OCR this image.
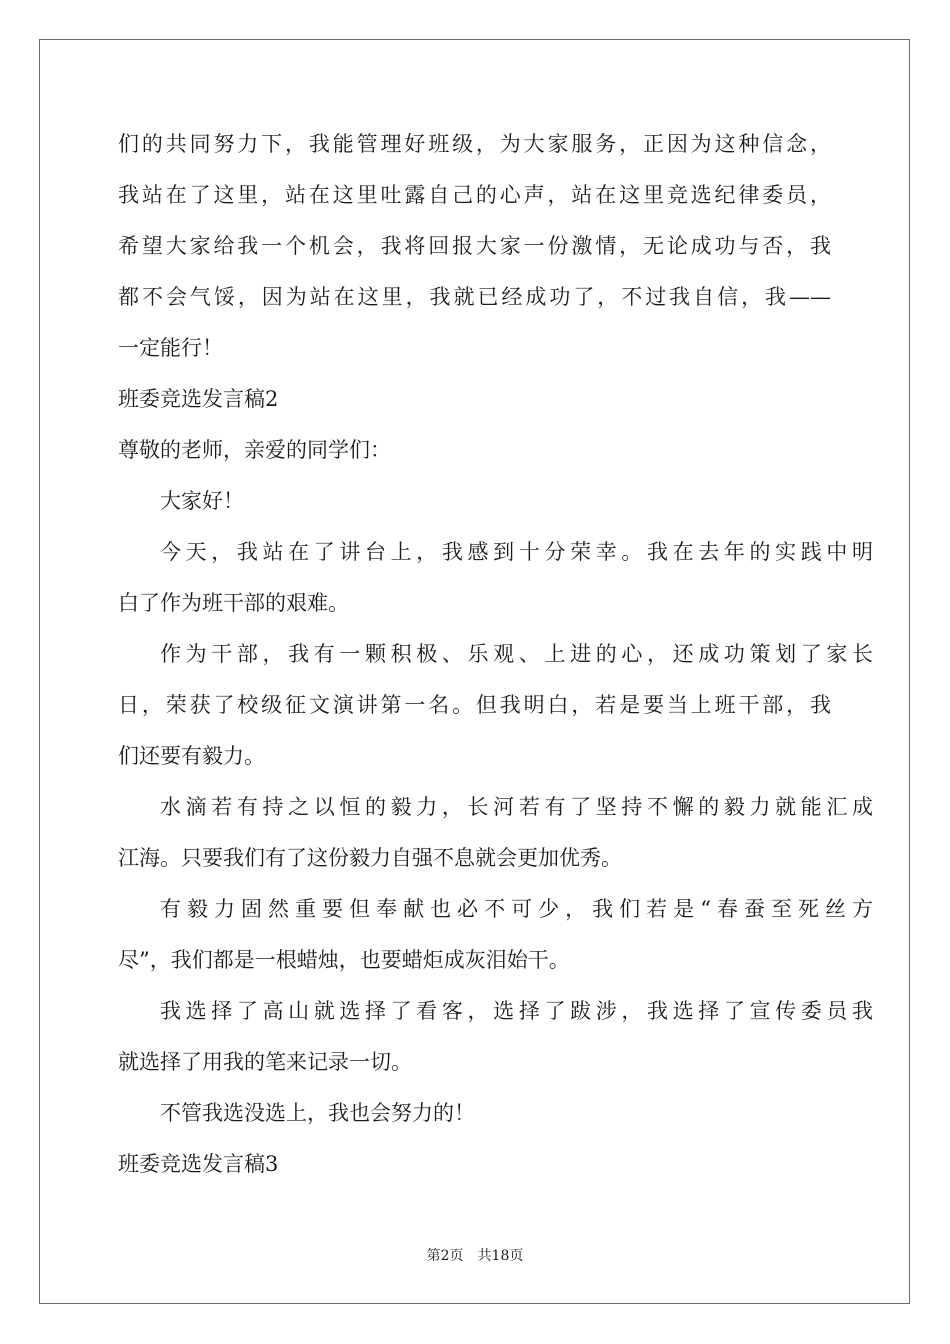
们的共同努力下，我能管理好班级，为大家服务，正因为这种信念，
我站在了这里，站在这里吐露自己的心声，站在这里竞选纪律委员，
希望大家给我一个机会，我将回报大家一份激情，无论成功与否，我
都不会气馁，因为站在这里，我就已经成功了，不过我自信，我——
一定能行！
班委竞选发言稿2
尊敬的老师，亲爱的同学们：
大家好！
今天，我站在了讲台上，我感到十分荣幸。我在去年的实践中明
白了作为班干部的艰难。
作为干部，我有一颗积极、乐观、上进的心，还成功策划了家长
日，荣获了校级征文演讲第一名。但我明白，若是要当上班干部，我
们还要有毅力。
水滴若有持之以恒的毅力，长河若有了坚持不懈的毅力就能汇成
江海。只要我们有了这份毅力自强不息就会更加优秀。
有毅力固然重要但奉献也必不可少，我们若是“春蚕至死丝方
尽”，我们都是一根蜡烛，也要蜡炬成灰泪始干。
我选择了高山就选择了看客，选择了跋涉，我选择了宣传委员我
就选择了用我的笔来记录一切。
不管我选没选上，我也会努力的！
班委竞选发言稿3
第2页　共18页
